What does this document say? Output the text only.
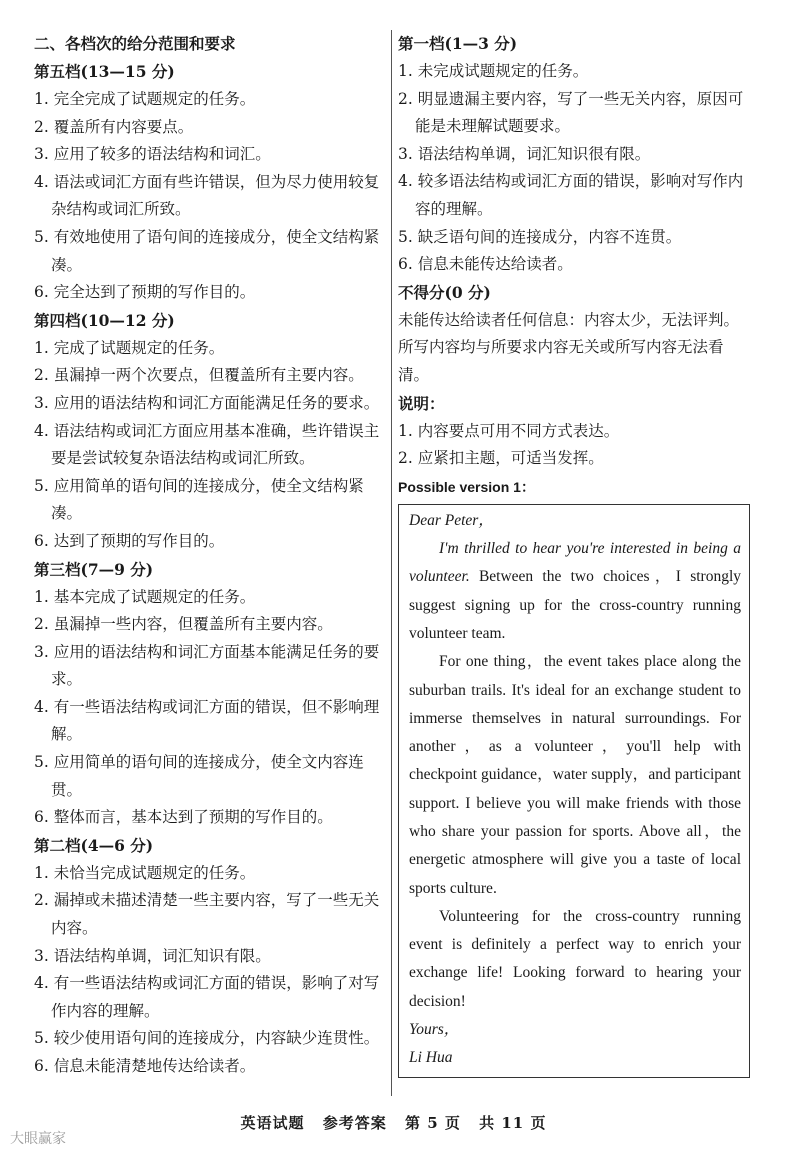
二、各档次的给分范围和要求
第五档(13—15 分)
1. 完全完成了试题规定的任务。
2. 覆盖所有内容要点。
3. 应用了较多的语法结构和词汇。
4. 语法或词汇方面有些许错误，但为尽力使用较复杂结构或词汇所致。
5. 有效地使用了语句间的连接成分，使全文结构紧凑。
6. 完全达到了预期的写作目的。
第四档(10—12 分)
1. 完成了试题规定的任务。
2. 虽漏掉一两个次要点，但覆盖所有主要内容。
3. 应用的语法结构和词汇方面能满足任务的要求。
4. 语法结构或词汇方面应用基本准确，些许错误主要是尝试较复杂语法结构或词汇所致。
5. 应用简单的语句间的连接成分，使全文结构紧凑。
6. 达到了预期的写作目的。
第三档(7—9 分)
1. 基本完成了试题规定的任务。
2. 虽漏掉一些内容，但覆盖所有主要内容。
3. 应用的语法结构和词汇方面基本能满足任务的要求。
4. 有一些语法结构或词汇方面的错误，但不影响理解。
5. 应用简单的语句间的连接成分，使全文内容连贯。
6. 整体而言，基本达到了预期的写作目的。
第二档(4—6 分)
1. 未恰当完成试题规定的任务。
2. 漏掉或未描述清楚一些主要内容，写了一些无关内容。
3. 语法结构单调，词汇知识有限。
4. 有一些语法结构或词汇方面的错误，影响了对写作内容的理解。
5. 较少使用语句间的连接成分，内容缺少连贯性。
6. 信息未能清楚地传达给读者。
第一档(1—3 分)
1. 未完成试题规定的任务。
2. 明显遗漏主要内容，写了一些无关内容，原因可能是未理解试题要求。
3. 语法结构单调，词汇知识很有限。
4. 较多语法结构或词汇方面的错误，影响对写作内容的理解。
5. 缺乏语句间的连接成分，内容不连贯。
6. 信息未能传达给读者。
不得分(0 分)
未能传达给读者任何信息：内容太少，无法评判。所写内容均与所要求内容无关或所写内容无法看清。
说明：
1. 内容要点可用不同方式表达。
2. 应紧扣主题，可适当发挥。
Possible version 1：

Dear Peter，

I'm thrilled to hear you're interested in being a volunteer. Between the two choices，I strongly suggest signing up for the cross-country running volunteer team.

For one thing，the event takes place along the suburban trails. It's ideal for an exchange student to immerse themselves in natural surroundings. For another，as a volunteer，you'll help with checkpoint guidance，water supply，and participant support. I believe you will make friends with those who share your passion for sports. Above all，the energetic atmosphere will give you a taste of local sports culture.

Volunteering for the cross-country running event is definitely a perfect way to enrich your exchange life! Looking forward to hearing your decision!

Yours，

Li Hua

英语试题 参考答案 第 5 页 共 11 页
大眼赢家
